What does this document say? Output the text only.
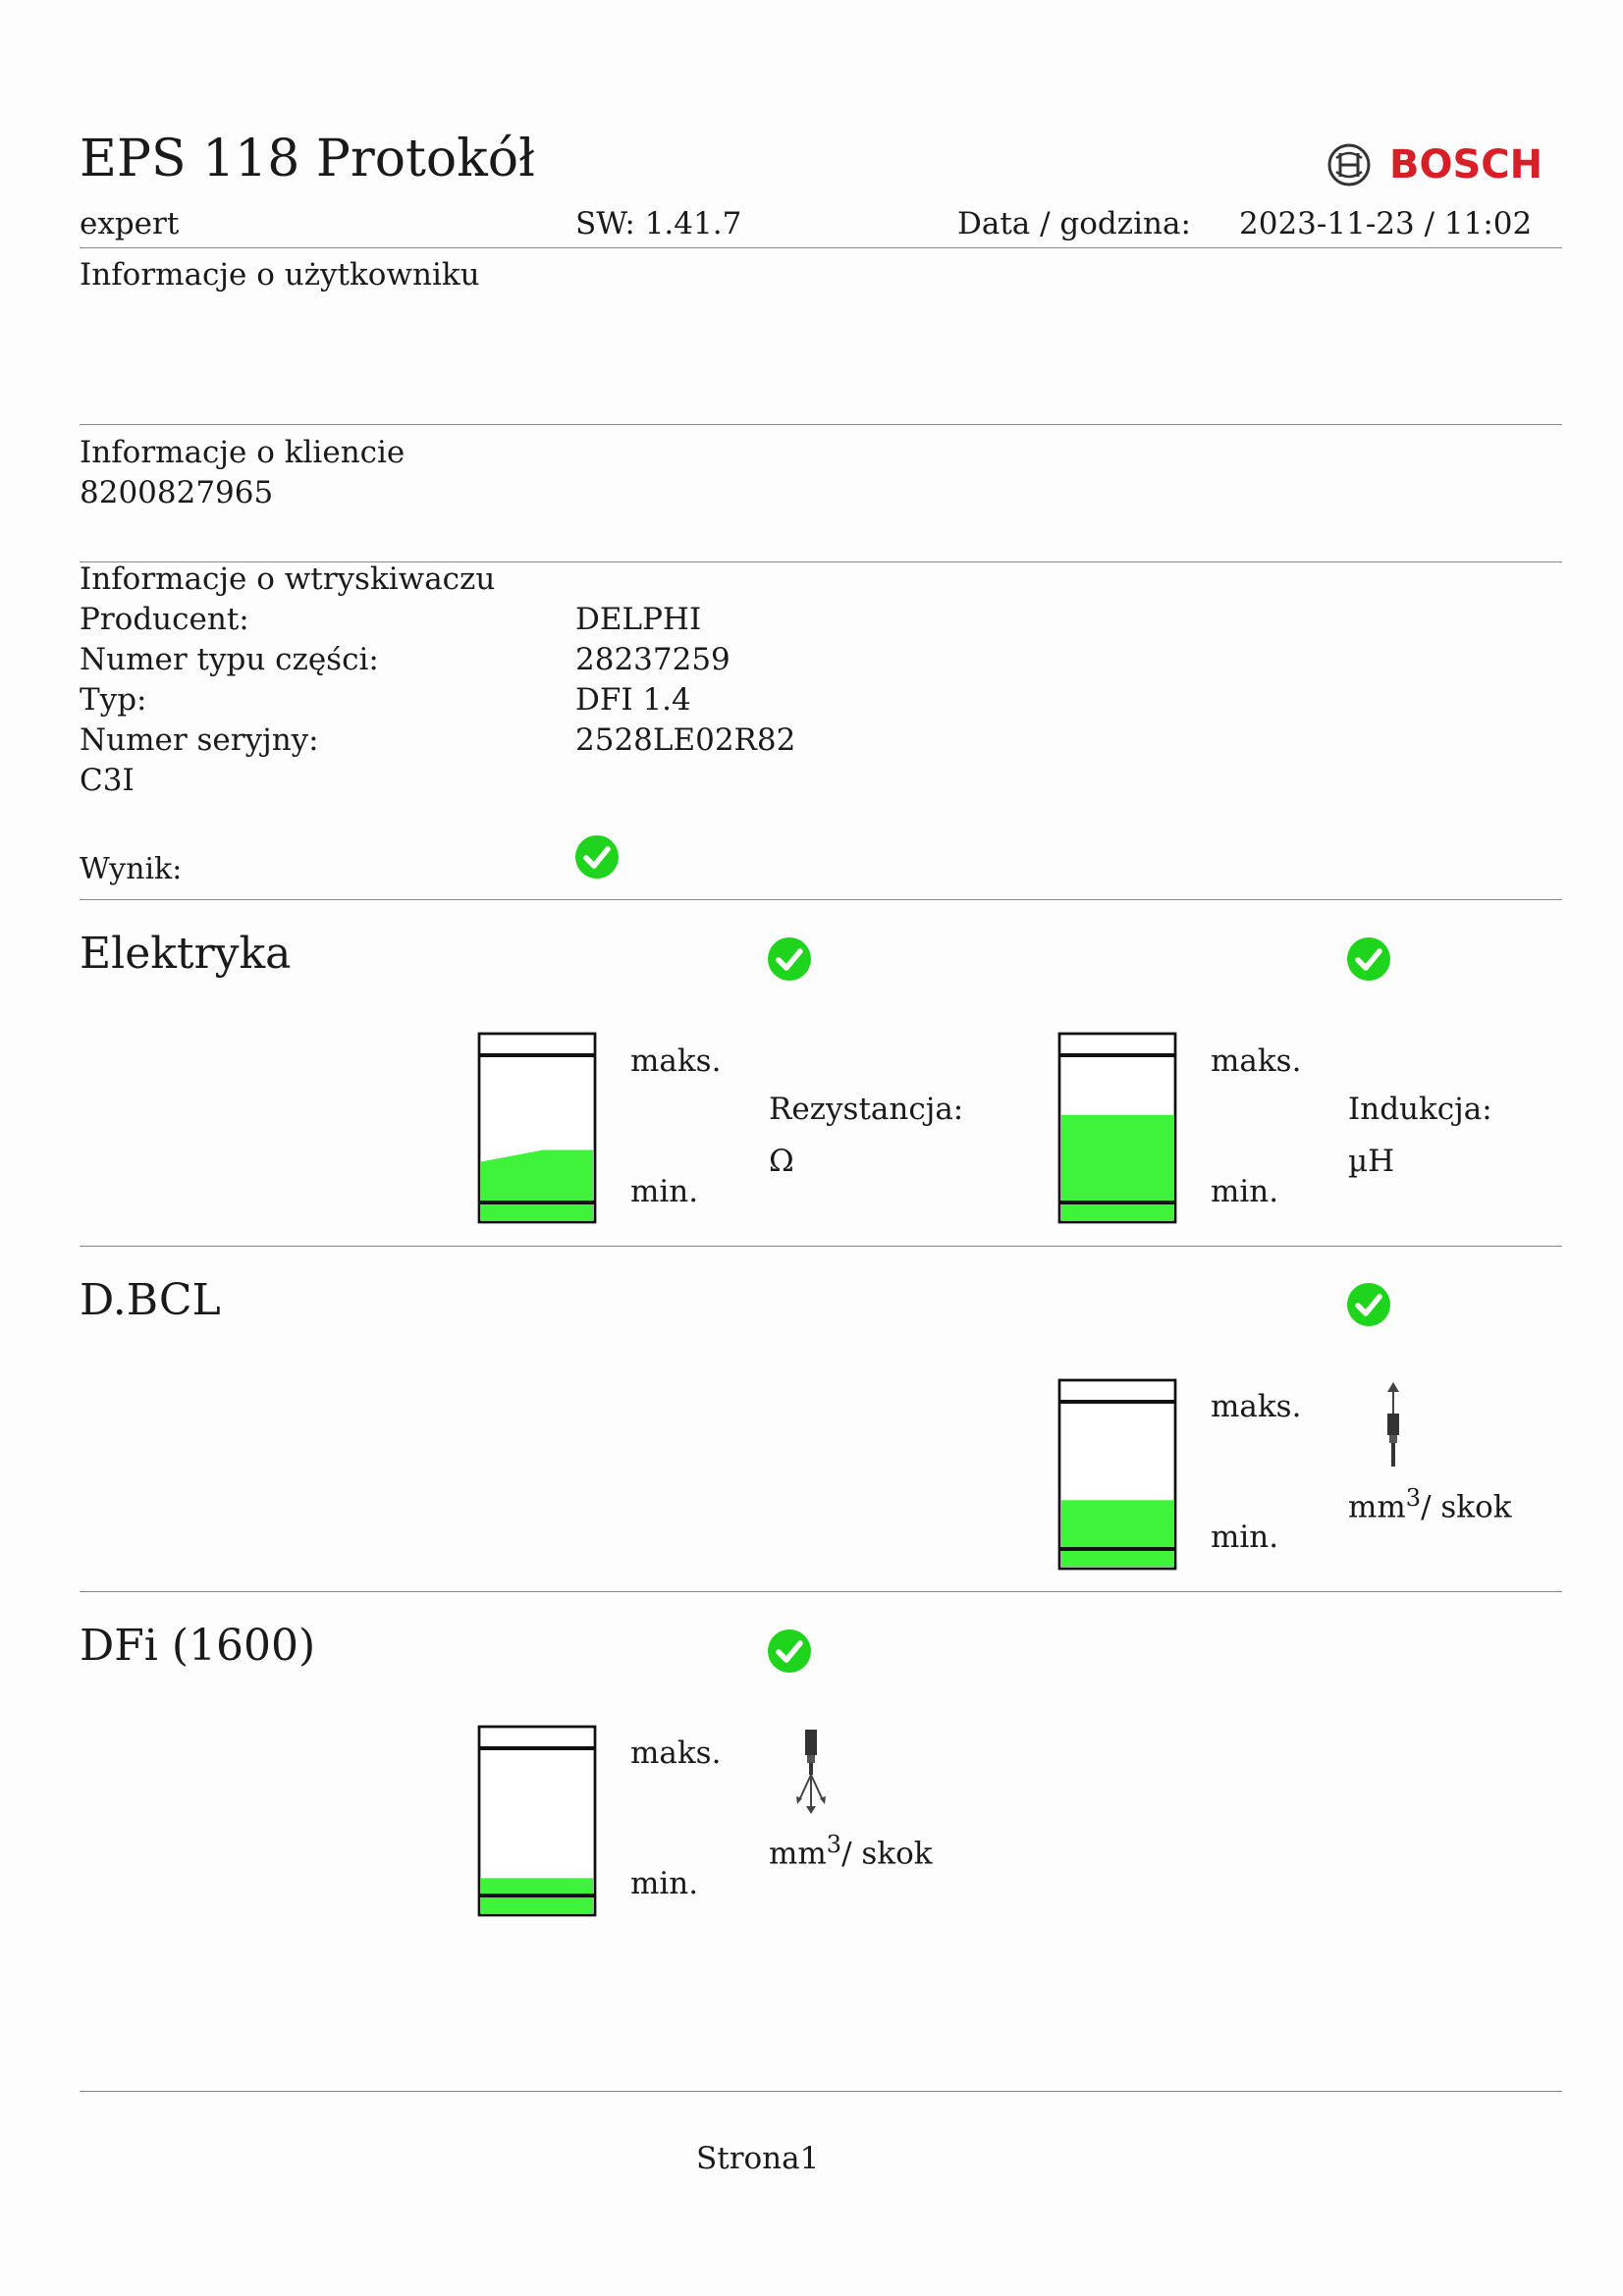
EPS 118 Protokół	BOSCH
expert	SW: 1.41.7	Data / godzina: 2023-11-23 / 11:02
Informacje o użytkowniku
Informacje o kliencie
8200827965
Informacje o wtryskiwaczu
Producent:	DELPHI
Numer typu części:	28237259
Typ:	DFI 1.4
Numer seryjny:	2528LE02R82
C3I
Wynik:
Elektryka
maks.
min.
Rezystancja:
Ω
maks.
min.
Indukcja:
µH
D.BCL
maks.
min.
$mm^3/$ skok
DFi (1600)
maks.
min.
$mm^3/$ skok
Strona1
